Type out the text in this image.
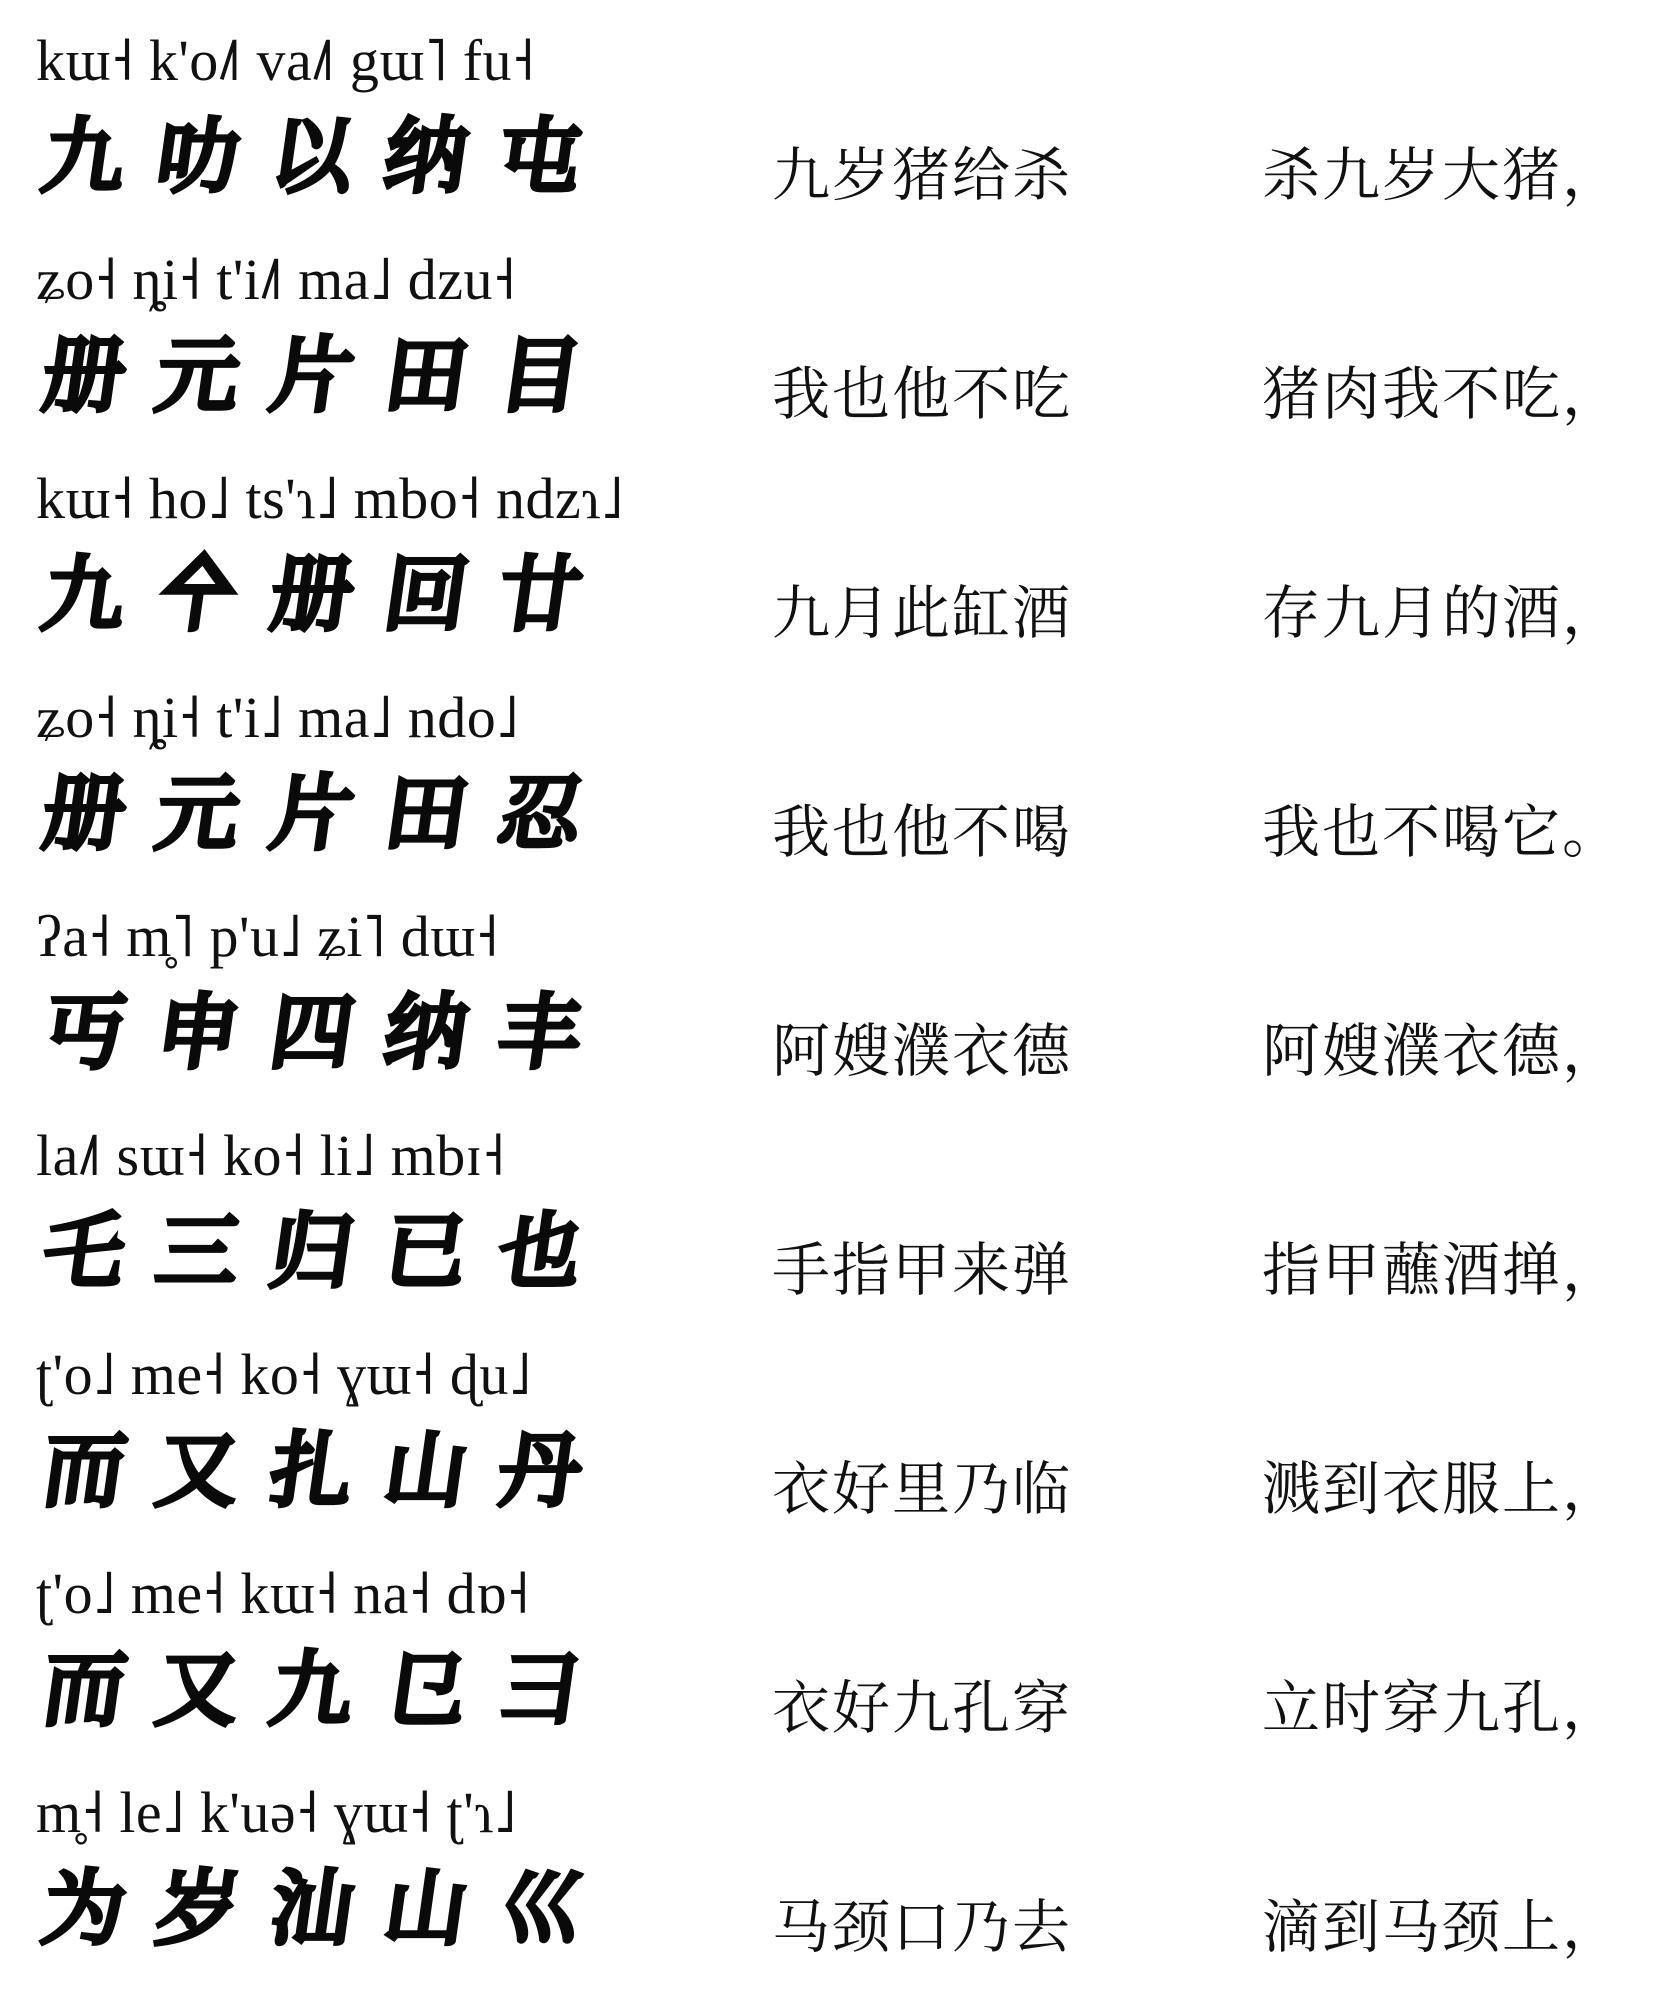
kɯ˧ k'o˩˥ va˩˥ gɯ˥ fu˧
九 叻 以 纳 屯	九岁猪给杀	杀九岁大猪，
ʑo˧ ȵi˧ t'i˩˥ ma˩ dzu˧
册 元 片 田 目	我也他不吃	猪肉我不吃，
kɯ˧ ho˩ ts'ɿ˩ mbo˧ ndzɿ˩
九 㐃 册 回 廿	九月此缸酒	存九月的酒，
ʑo˧ ȵi˧ t'i˩ ma˩ ndo˩
册 元 片 田 忍	我也他不喝	我也不喝它。
ʔa˧ m̥˥ p'u˩ ʑi˥ dɯ˧
丏 申 四 纳 丰	阿嫂濮衣德	阿嫂濮衣德，
la˩˥ sɯ˧ ko˧ li˩ mbɪ˧
乇 三 归 已 也	手指甲来弹	指甲蘸酒掸，
ʈ'o˩ me˧ ko˧ ɣɯ˧ ɖu˩
而 又 扎 山 丹	衣好里乃临	溅到衣服上，
ʈ'o˩ me˧ kɯ˧ na˧ dɒ˧
而 又 九 㔾 彐	衣好九孔穿	立时穿九孔，
m̥˧ le˩ k'uə˧ ɣɯ˧ ʈ'ɿ˩
为 岁 汕 山 巛	马颈口乃去	滴到马颈上，
